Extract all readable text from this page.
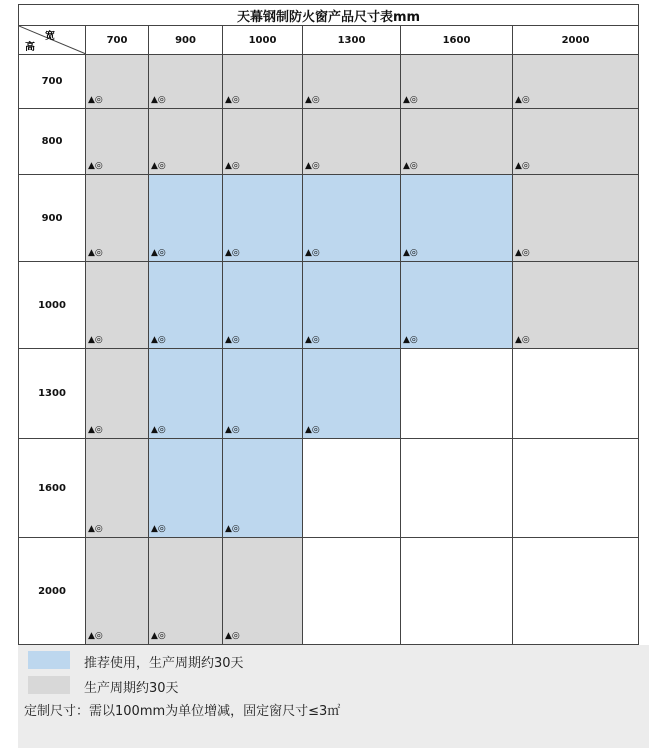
天幕钢制防火窗产品尺寸表mm						

宽
高	700	900	1000	1300	1600	2000
700	▲◎	▲◎	▲◎	▲◎	▲◎	▲◎

800	▲◎	▲◎	▲◎	▲◎	▲◎	▲◎

900	▲◎	▲◎	▲◎	▲◎	▲◎	▲◎

1000	▲◎	▲◎	▲◎	▲◎	▲◎	▲◎

1300	▲◎	▲◎	▲◎	▲◎		

1600	▲◎	▲◎	▲◎			

2000	▲◎	▲◎	▲◎			

推荐使用，生产周期约30天
生产周期约30天
定制尺寸：需以100mm为单位增减，固定窗尺寸≤3㎡
